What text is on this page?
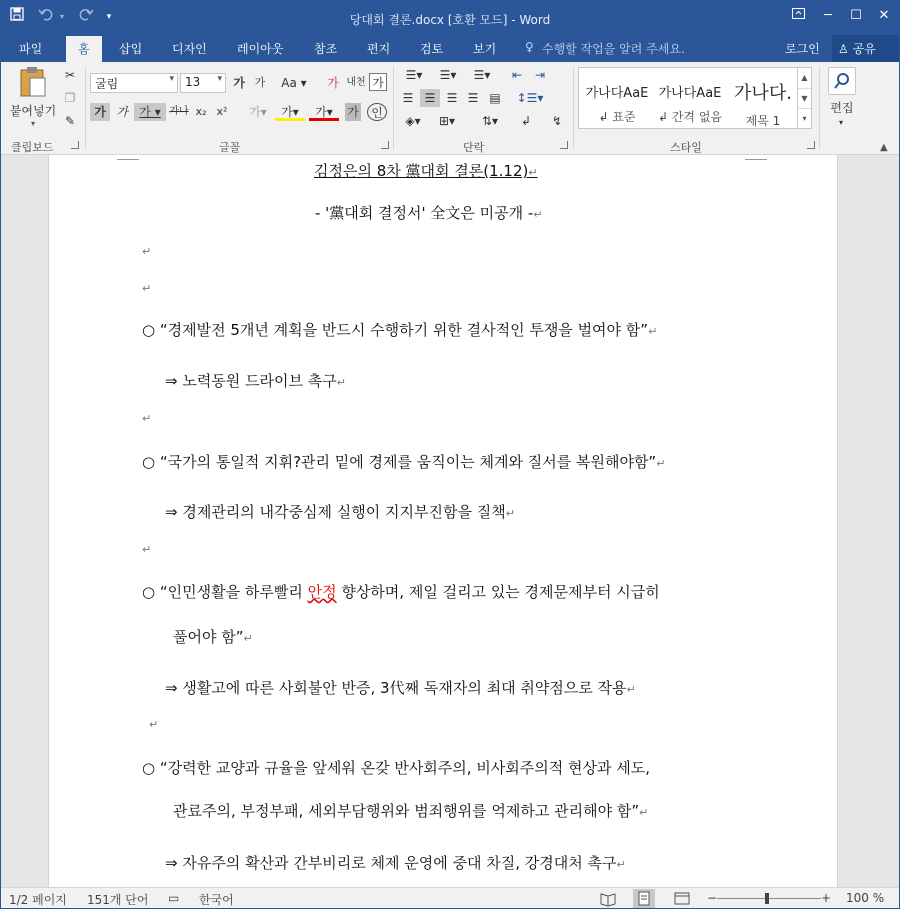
▾	▾	당대회 결론.docx [호환 모드] - Word	─	☐	✕
파일	홈	삽입 디자인	레이아웃	참조 편지 검토 보기 ♀ 수행할 작업을 알려 주세요.	로그인	♙ 공유
붙여넣기
▾
✂
❐
✎
클립보드
굴림	▾ 13 ▾ 가 가 Aa ▾	가 내천 가
가 가 가 ▾ 가나 x₂ x²	가▾	가▾	가▾	가	인
글꼴
☰▾	☰▾	☰▾	⇤	⇥
☰ ☰ ☰ ☰ ▤	↕☰▾
◈▾	⊞▾	⇅▾	↲	↯
단락
가나다AaE
↲ 표준
가나다AaE
↲ 간격 없음
가나다.
제목 1
▲
▼
▾
스타일
편집
▾
▲
김정은의 8차 黨대회 결론(1.12)↵
- '黨대회 결정서' 全文은 미공개 -↵
↵
↵
○ “경제발전 5개년 계획을 반드시 수행하기 위한 결사적인 투쟁을 벌여야 함”↵
⇒ 노력동원 드라이브 촉구↵
↵
○ “국가의 통일적 지휘?관리 밑에 경제를 움직이는 체계와 질서를 복원해야함”↵
⇒ 경제관리의 내각중심제 실행이 지지부진함을 질책↵
↵
○ “인민생활을 하루빨리 안정 향상하며, 제일 걸리고 있는 경제문제부터 시급히
풀어야 함”↵
⇒ 생활고에 따른 사회불안 반증, 3代째 독재자의 최대 취약점으로 작용↵
↵
○ “강력한 교양과 규율을 앞세워 온갖 반사회주의, 비사회주의적 현상과 세도,
관료주의, 부정부패, 세외부담행위와 범죄행위를 억제하고 관리해야 함”↵
⇒ 자유주의 확산과 간부비리로 체제 운영에 중대 차질, 강경대처 촉구↵
1/2 페이지 151개 단어 ▭ 한국어	−	+ 100 %
